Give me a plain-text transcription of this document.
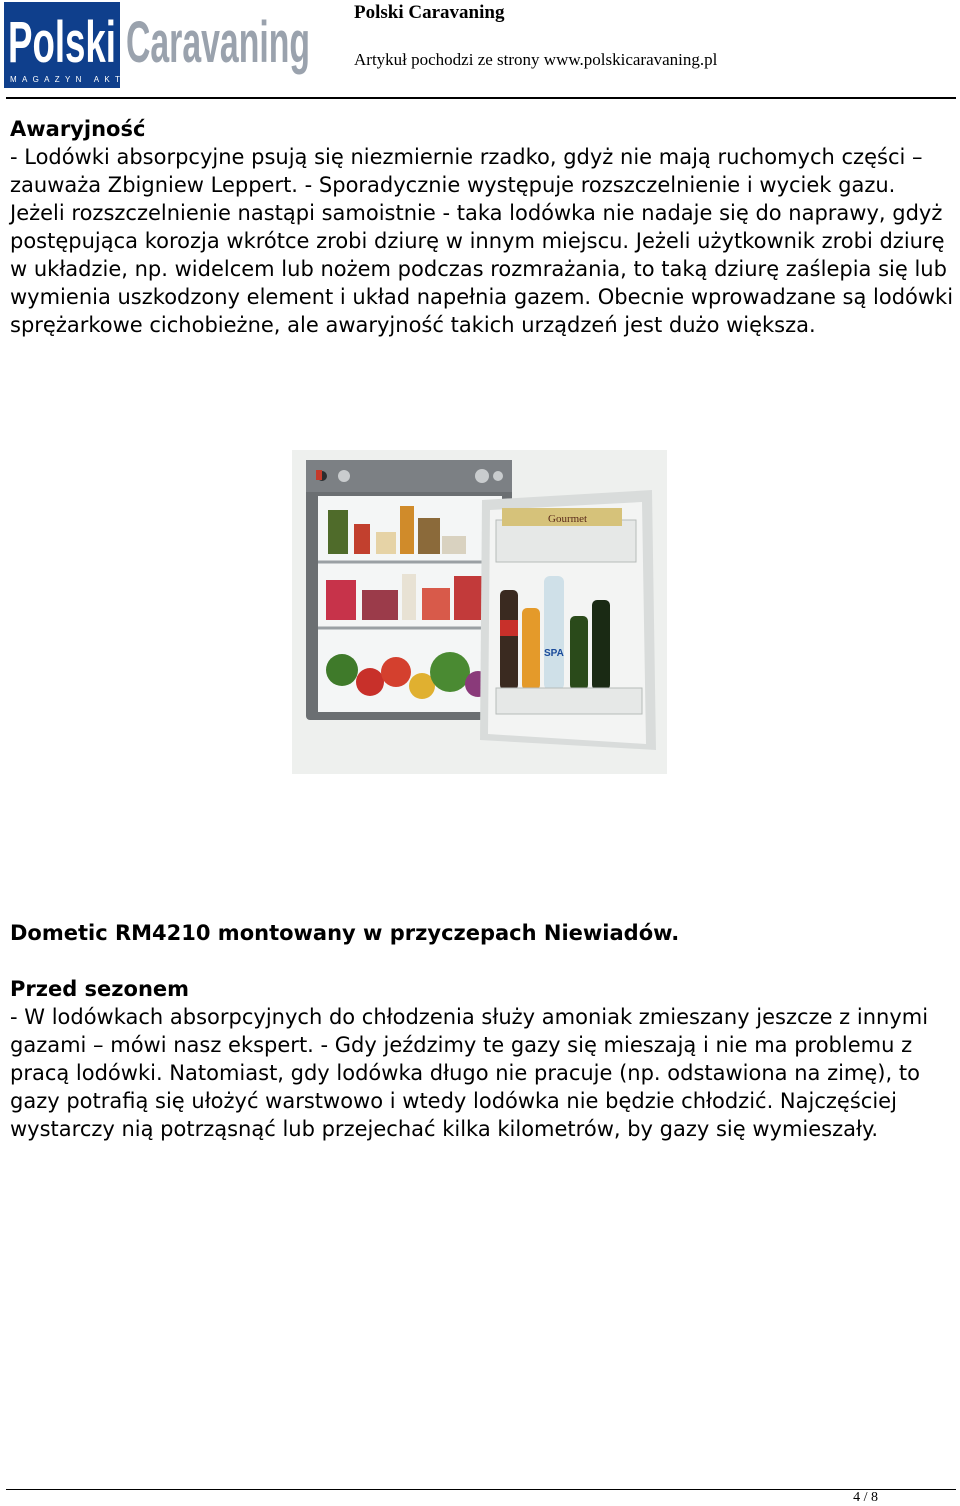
Polski Caravaning
MAGAZYN AKTYWNEGO WYPOCZYNKU
Polski Caravaning
Artykuł pochodzi ze strony www.polskicaravaning.pl

Awaryjność

- Lodówki absorpcyjne psują się niezmiernie rzadko, gdyż nie mają ruchomych części – zauważa Zbigniew Leppert. - Sporadycznie występuje rozszczelnienie i wyciek gazu. Jeżeli rozszczelnienie nastąpi samoistnie - taka lodówka nie nadaje się do naprawy, gdyż postępująca korozja wkrótce zrobi dziurę w innym miejscu. Jeżeli użytkownik zrobi dziurę w układzie, np. widelcem lub nożem podczas rozmrażania, to taką dziurę zaślepia się lub wymienia uszkodzony element i układ napełnia gazem. Obecnie wprowadzane są lodówki sprężarkowe cichobieżne, ale awaryjność takich urządzeń jest dużo większa.

Gourmet
SPA
Dometic RM4210 montowany w przyczepach Niewiadów.

Przed sezonem

- W lodówkach absorpcyjnych do chłodzenia służy amoniak zmieszany jeszcze z innymi gazami – mówi nasz ekspert. - Gdy jeździmy te gazy się mieszają i nie ma problemu z pracą lodówki. Natomiast, gdy lodówka długo nie pracuje (np. odstawiona na zimę), to gazy potrafią się ułożyć warstwowo i wtedy lodówka nie będzie chłodzić. Najczęściej wystarczy nią potrząsnąć lub przejechać kilka kilometrów, by gazy się wymieszały.

4 / 8
